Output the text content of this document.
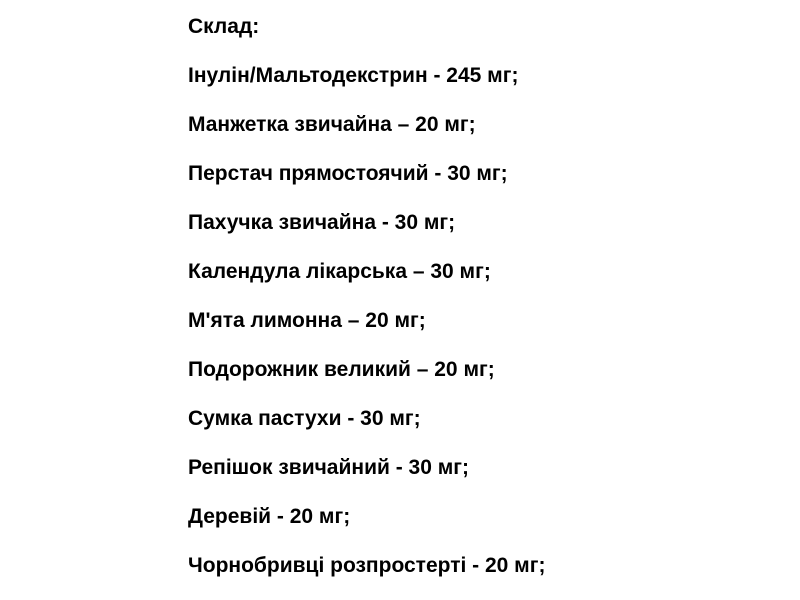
Склад:
Інулін/Мальтодекстрин - 245 мг;
Манжетка звичайна – 20 мг;
Перстач прямостоячий - 30 мг;
Пахучка звичайна - 30 мг;
Календула лікарська – 30 мг;
М'ята лимонна – 20 мг;
Подорожник великий – 20 мг;
Сумка пастухи - 30 мг;
Репішок звичайний - 30 мг;
Деревій - 20 мг;
Чорнобривці розпростерті - 20 мг;
